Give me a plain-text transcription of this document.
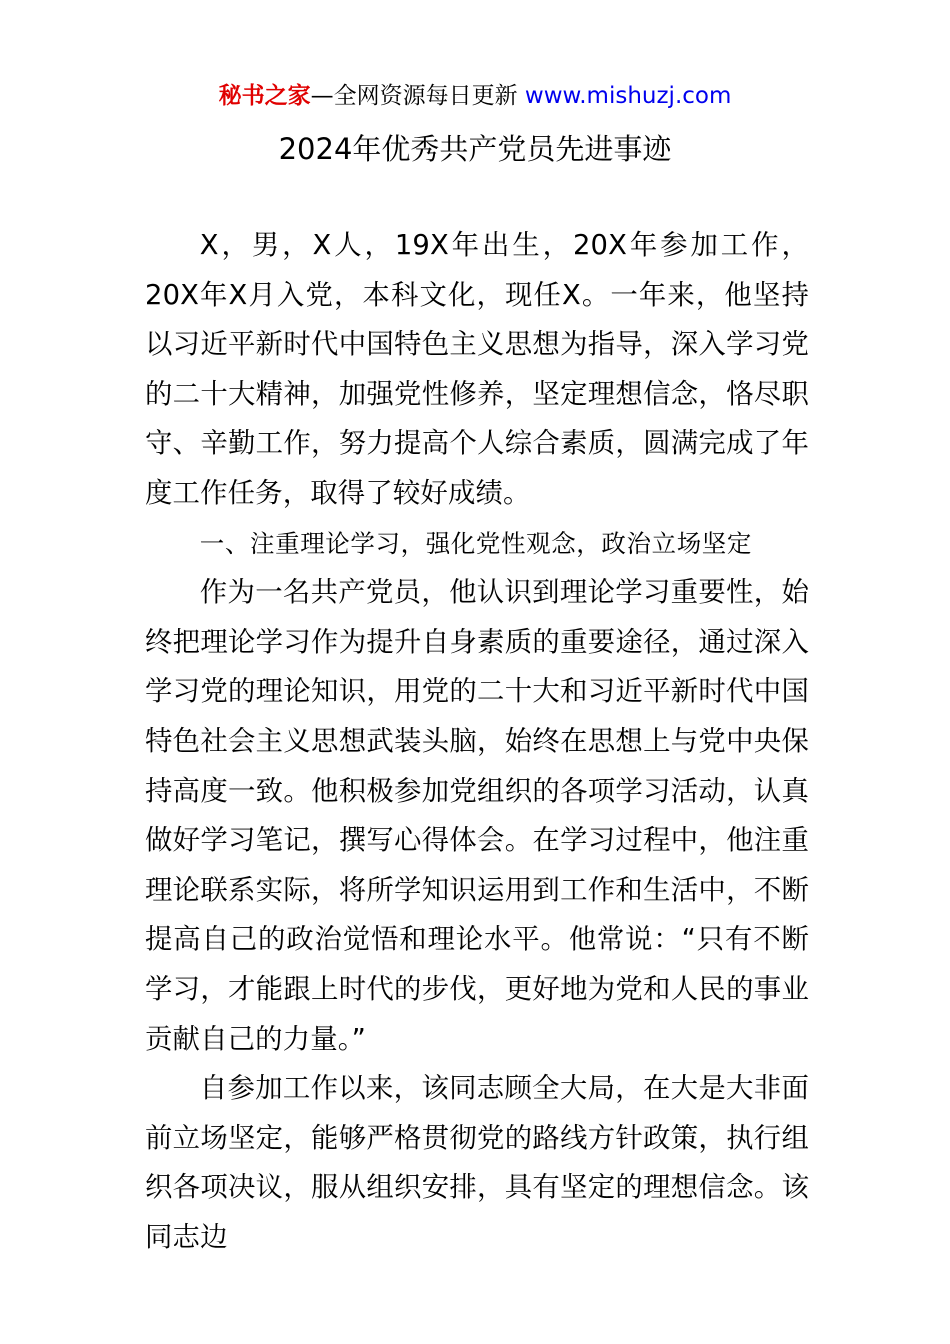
秘书之家—全网资源每日更新 www.mishuzj.com
2024年优秀共产党员先进事迹

X，男，X人，19X年出生，20X年参加工作，20X年X月入党，本科文化，现任X。一年来，他坚持以习近平新时代中国特色主义思想为指导，深入学习党的二十大精神，加强党性修养，坚定理想信念，恪尽职守、辛勤工作，努力提高个人综合素质，圆满完成了年度工作任务，取得了较好成绩。

一、注重理论学习，强化党性观念，政治立场坚定

作为一名共产党员，他认识到理论学习重要性，始终把理论学习作为提升自身素质的重要途径，通过深入学习党的理论知识，用党的二十大和习近平新时代中国特色社会主义思想武装头脑，始终在思想上与党中央保持高度一致。他积极参加党组织的各项学习活动，认真做好学习笔记，撰写心得体会。在学习过程中，他注重理论联系实际，将所学知识运用到工作和生活中，不断提高自己的政治觉悟和理论水平。他常说：“只有不断学习，才能跟上时代的步伐，更好地为党和人民的事业贡献自己的力量。”

自参加工作以来，该同志顾全大局，在大是大非面前立场坚定，能够严格贯彻党的路线方针政策，执行组织各项决议，服从组织安排，具有坚定的理想信念。该同志边
